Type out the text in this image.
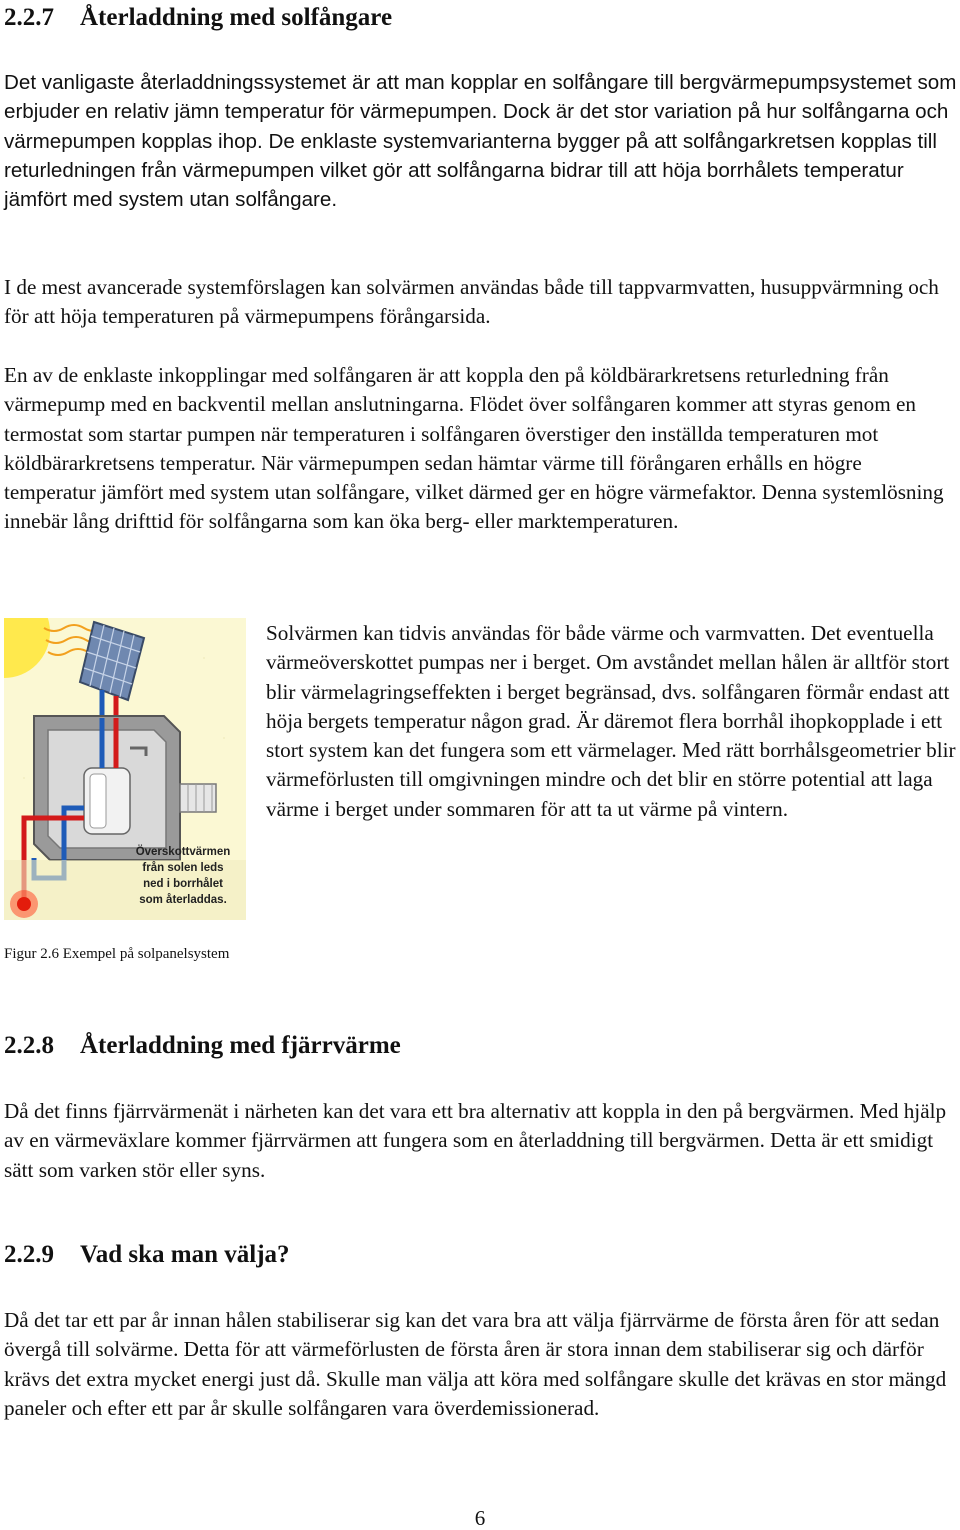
2.2.7 Återladdning med solfångare

Det vanligaste återladdningssystemet är att man kopplar en solfångare till bergvärmepumpsystemet som erbjuder en relativ jämn temperatur för värmepumpen. Dock är det stor variation på hur solfångarna och värmepumpen kopplas ihop. De enklaste systemvarianterna bygger på att solfångarkretsen kopplas till returledningen från värmepumpen vilket gör att solfångarna bidrar till att höja borrhålets temperatur jämfört med system utan solfångare.

I de mest avancerade systemförslagen kan solvärmen användas både till tappvarmvatten, husuppvärmning och för att höja temperaturen på värmepumpens förångarsida.

En av de enklaste inkopplingar med solfångaren är att koppla den på köldbärarkretsens returledning från värmepump med en backventil mellan anslutningarna. Flödet över solfångaren kommer att styras genom en termostat som startar pumpen när temperaturen i solfångaren överstiger den inställda temperaturen mot köldbärarkretsens temperatur. När värmepumpen sedan hämtar värme till förångaren erhålls en högre temperatur jämfört med system utan solfångare, vilket därmed ger en högre värmefaktor. Denna systemlösning innebär lång drifttid för solfångarna som kan öka berg- eller marktemperaturen.

Överskottvärmen
från solen leds
ned i borrhålet
som återladdas.

Solvärmen kan tidvis användas för både värme och varmvatten. Det eventuella värmeöverskottet pumpas ner i berget. Om avståndet mellan hålen är alltför stort blir värmelagringseffekten i berget begränsad, dvs. solfångaren förmår endast att höja bergets temperatur någon grad. Är däremot flera borrhål ihopkopplade i ett stort system kan det fungera som ett värmelager. Med rätt borrhålsgeometrier blir värmeförlusten till omgivningen mindre och det blir en större potential att laga värme i berget under sommaren för att ta ut värme på vintern.

Figur 2.6 Exempel på solpanelsystem
2.2.8 Återladdning med fjärrvärme

Då det finns fjärrvärmenät i närheten kan det vara ett bra alternativ att koppla in den på bergvärmen. Med hjälp av en värmeväxlare kommer fjärrvärmen att fungera som en återladdning till bergvärmen. Detta är ett smidigt sätt som varken stör eller syns.

2.2.9 Vad ska man välja?

Då det tar ett par år innan hålen stabiliserar sig kan det vara bra att välja fjärrvärme de första åren för att sedan övergå till solvärme. Detta för att värmeförlusten de första åren är stora innan dem stabiliserar sig och därför krävs det extra mycket energi just då. Skulle man välja att köra med solfångare skulle det krävas en stor mängd paneler och efter ett par år skulle solfångaren vara överdemissionerad.

6
